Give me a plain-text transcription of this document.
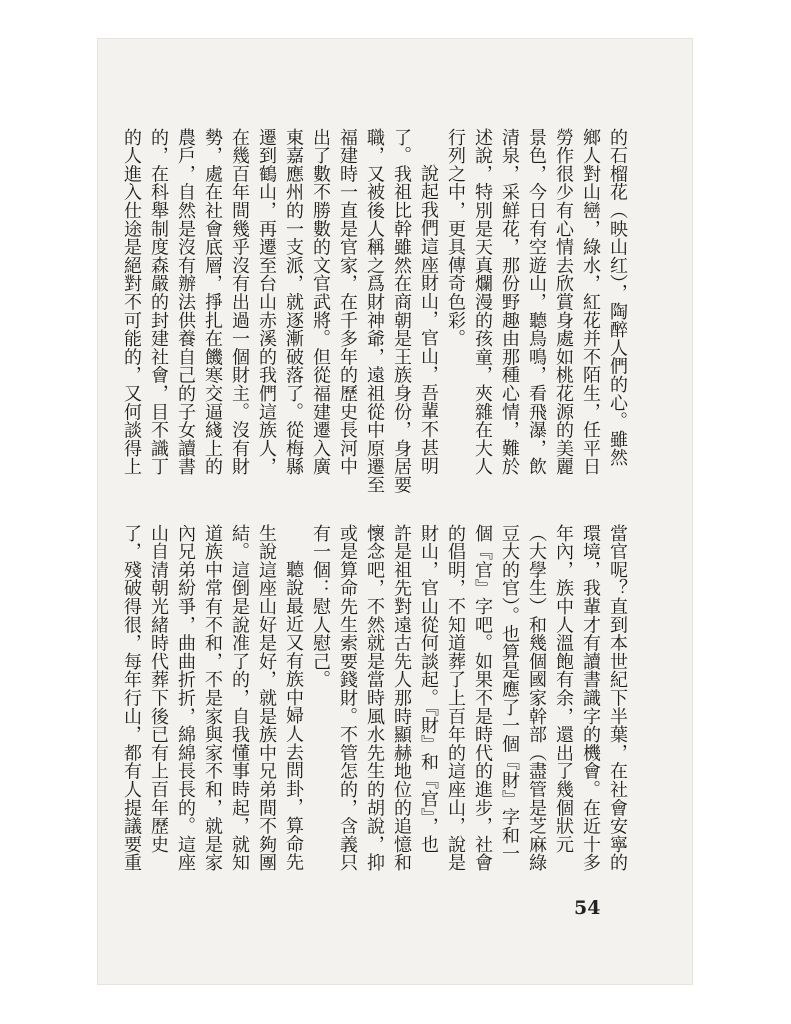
的石榴花（映山红），陶醉人們的心。雖然
鄉人對山巒，綠水，紅花并不陌生，任平日
勞作很少有心情去欣賞身處如桃花源的美麗
景色，今日有空遊山，聽鳥鳴，看飛瀑，飲
清泉，采鮮花，那份野趣由那種心情，難於
述說，特別是天真爛漫的孩童，夾雜在大人
行列之中，更具傳奇色彩。
說起我們這座財山，官山，吾輩不甚明
了。我祖比幹雖然在商朝是王族身份，身居要
職，又被後人稱之爲財神爺，遠祖從中原遷至
福建時一直是官家，在千多年的歷史長河中
出了數不勝數的文官武將。但從福建遷入廣
東嘉應州的一支派，就逐漸破落了。從梅縣
遷到鶴山，再遷至台山赤溪的我們這族人，
在幾百年間幾乎沒有出過一個財主。沒有財
勢，處在社會底層，掙扎在饑寒交逼綫上的
農戶，自然是沒有辦法供養自己的子女讀書
的，在科舉制度森嚴的封建社會，目不識丁
的人進入仕途是絕對不可能的，又何談得上
當官呢？直到本世紀下半葉，在社會安寧的
環境，我輩才有讀書識字的機會。在近十多
年內，族中人溫飽有余，還出了幾個狀元
（大學生）和幾個國家幹部（盡管是芝麻綠
豆大的官）。也算是應了一個『財』字和一
個『官』字吧。如果不是時代的進步，社會
的倡明，不知道葬了上百年的這座山，說是
財山，官山從何談起。『財』和『官』，也
許是祖先對遠古先人那時顯赫地位的追憶和
懷念吧，不然就是當時風水先生的胡說，抑
或是算命先生索要錢財。不管怎的，含義只
有一個：慰人慰己。
聽說最近又有族中婦人去問卦，算命先
生說這座山好是好，就是族中兄弟間不夠團
結。這倒是說准了的，自我懂事時起，就知
道族中常有不和，不是家與家不和，就是家
內兄弟紛爭，曲曲折折，綿綿長長的。這座
山自清朝光緒時代葬下後已有上百年歷史
了，殘破得很，每年行山，都有人提議要重
54
